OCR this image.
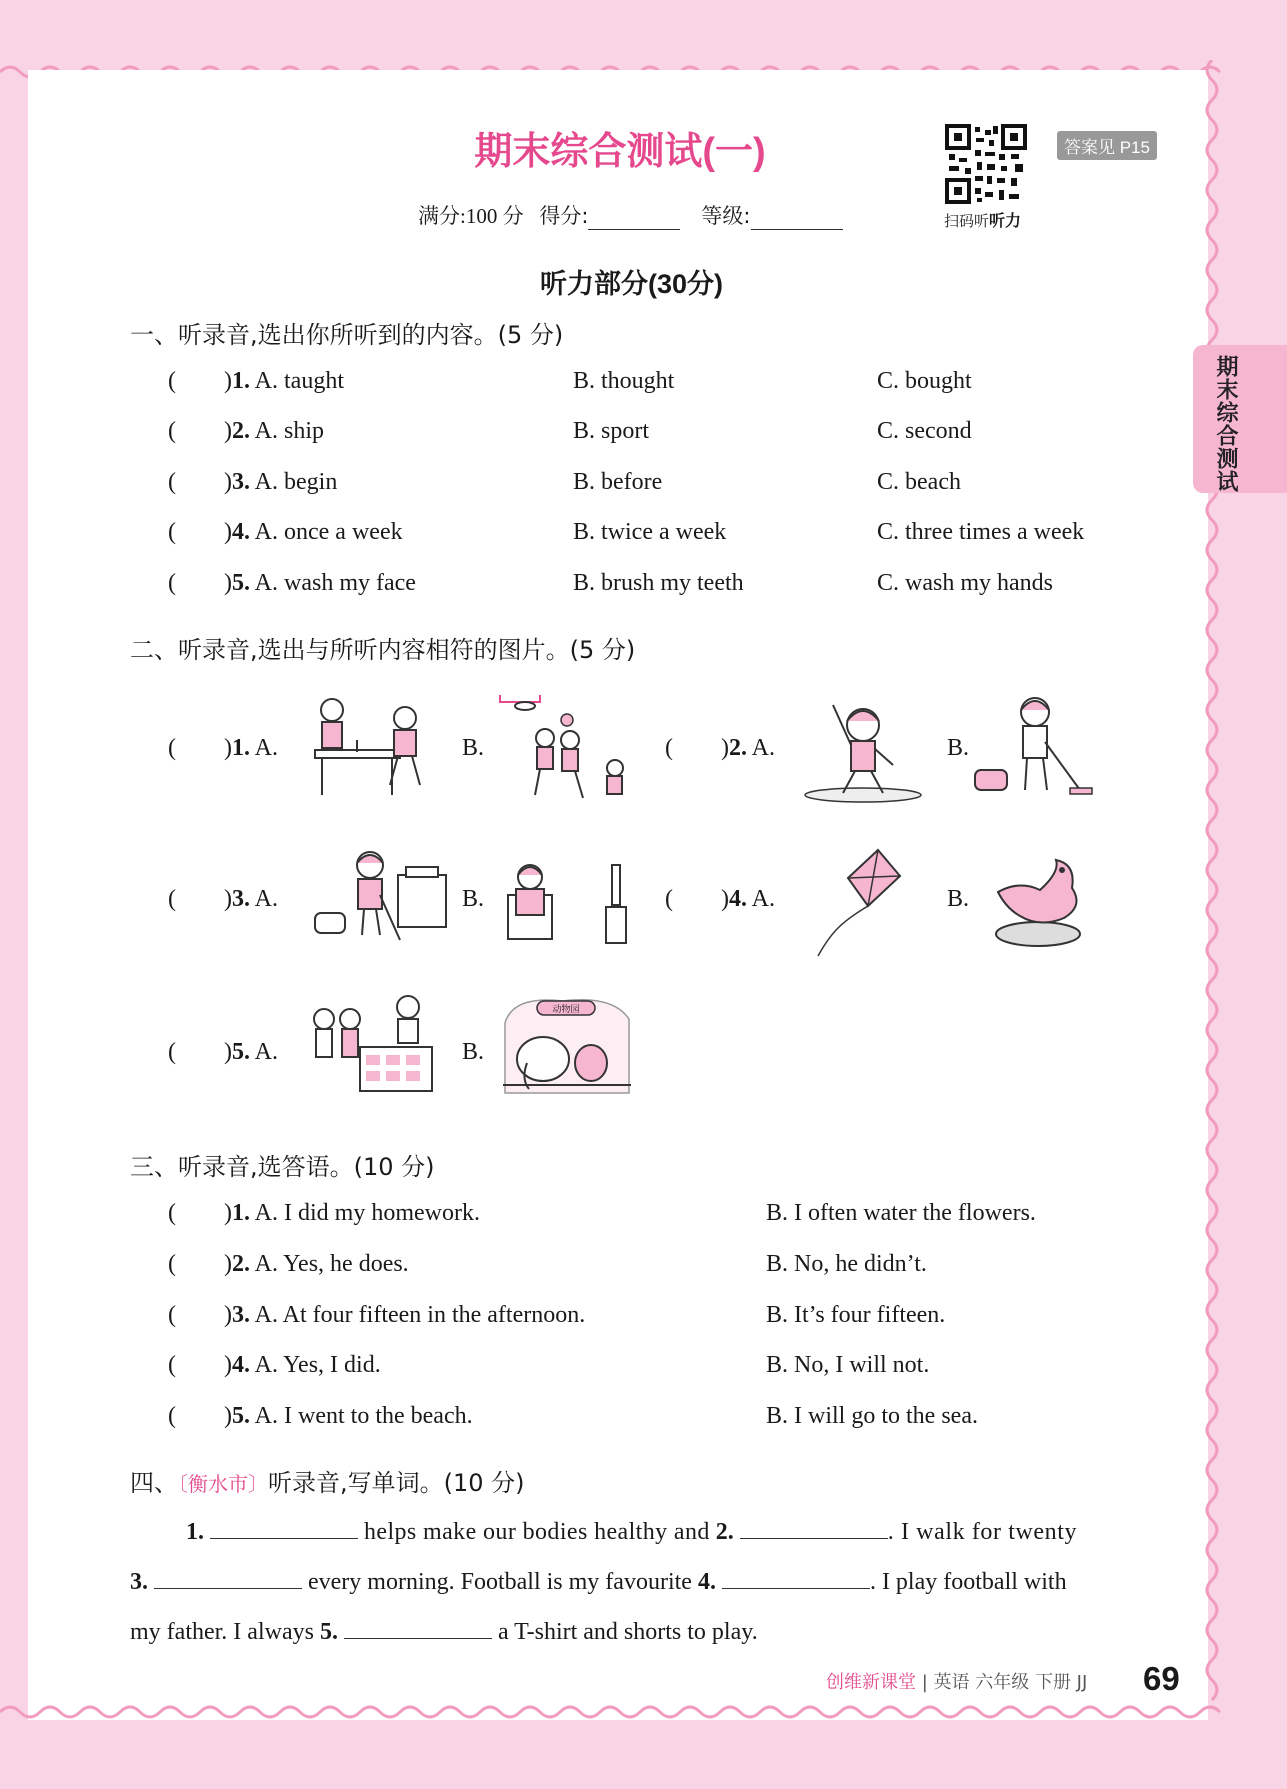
期末综合测试(一)
满分:100 分 得分:	等级:	扫码听听力
答案见 P15
期末综合测试
听力部分(30分)
一、听录音,选出你所听到的内容。(5 分)
(        )1. A. taught	B. thought	C. bought
(        )2. A. ship	B. sport	C. second
(        )3. A. begin	B. before	C. beach
(        )4. A. once a week	B. twice a week	C. three times a week
(        )5. A. wash my face	B. brush my teeth	C. wash my hands
二、听录音,选出与所听内容相符的图片。(5 分)
(        )1. A.	B.	(        )2. A.	B.
(        )3. A.	B.	(        )4. A.	B.
(        )5. A.	B.
动物园
三、听录音,选答语。(10 分)
(        )1. A. I did my homework.	B. I often water the flowers.
(        )2. A. Yes, he does.	B. No, he didn’t.
(        )3. A. At four fifteen in the afternoon.	B. It’s four fifteen.
(        )4. A. Yes, I did.	B. No, I will not.
(        )5. A. I went to the beach.	B. I will go to the sea.
四、〔衡水市〕听录音,写单词。(10 分)
1.	helps make our bodies healthy and 2.	. I walk for twenty
3.	every morning. Football is my favourite 4.	. I play football with
my father. I always 5.	a T-shirt and shorts to play.
创维新课堂 | 英语 六年级 下册 JJ 69
